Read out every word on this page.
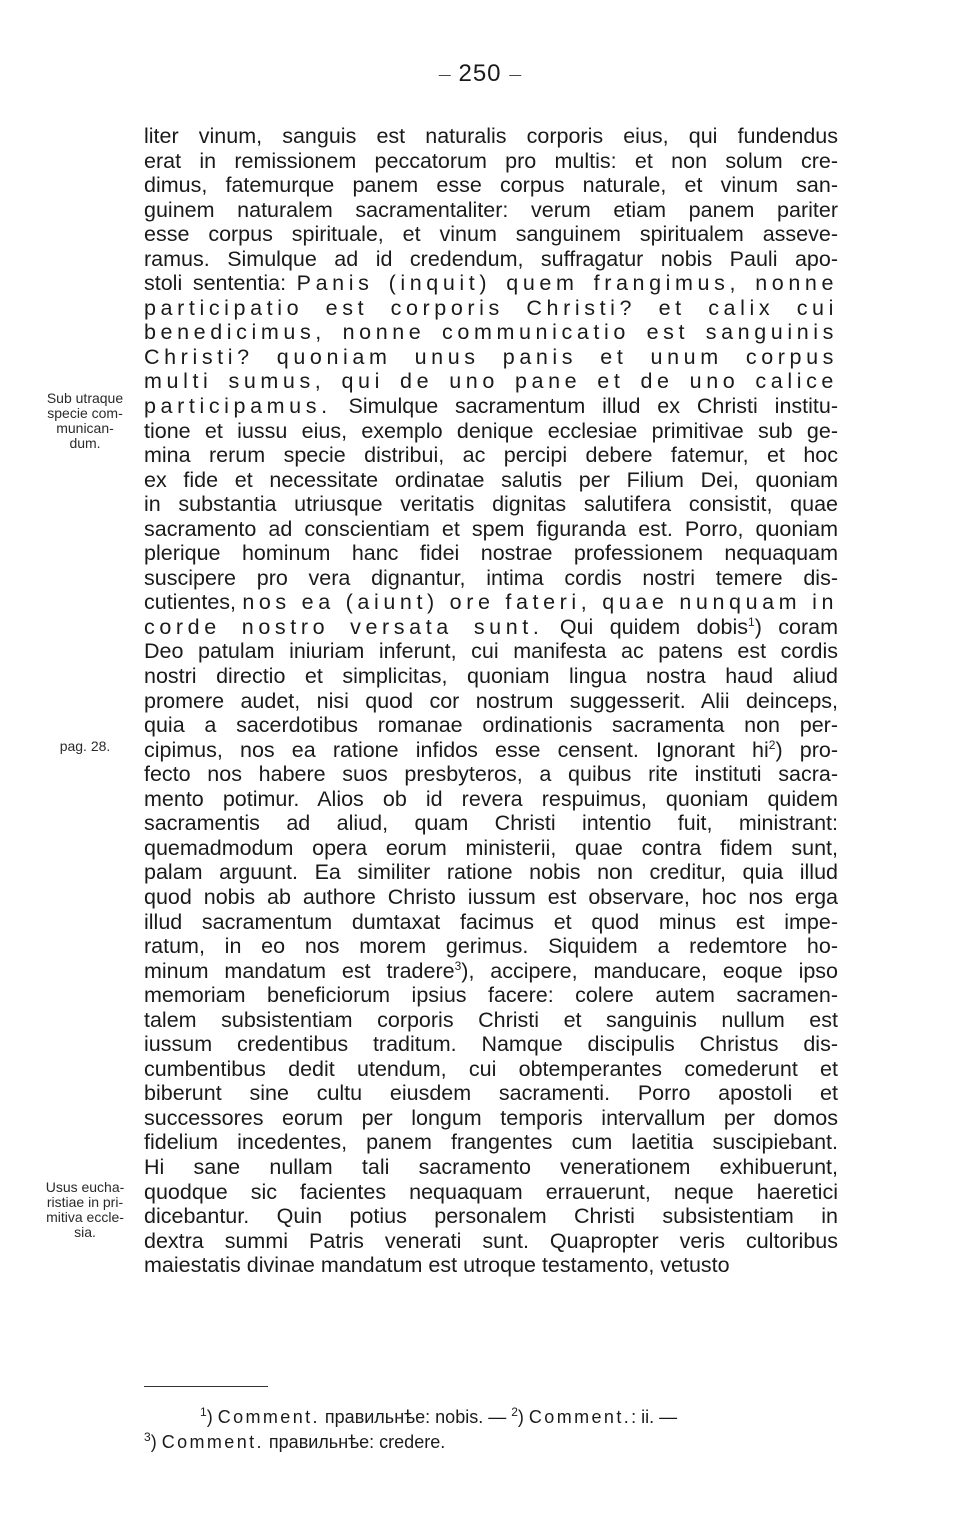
— 250 —
liter vinum, sanguis est naturalis corporis eius, qui fundendus
erat in remissionem peccatorum pro multis: et non solum cre-
dimus, fatemurque panem esse corpus naturale, et vinum san-
guinem naturalem sacramentaliter: verum etiam panem pariter
esse corpus spirituale, et vinum sanguinem spiritualem asseve-
ramus. Simulque ad id credendum, suffragatur nobis Pauli apo-
stoli sententia: Panis (inquit) quem frangimus, nonne
participatio est corporis Christi? et calix cui
benedicimus, nonne communicatio est sanguinis
Christi? quoniam unus panis et unum corpus
multi sumus, qui de uno pane et de uno calice
participamus. Simulque sacramentum illud ex Christi institu-
tione et iussu eius, exemplo denique ecclesiae primitivae sub ge-
mina rerum specie distribui, ac percipi debere fatemur, et hoc
ex fide et necessitate ordinatae salutis per Filium Dei, quoniam
in substantia utriusque veritatis dignitas salutifera consistit, quae
sacramento ad conscientiam et spem figuranda est. Porro, quoniam
plerique hominum hanc fidei nostrae professionem nequaquam
suscipere pro vera dignantur, intima cordis nostri temere dis-
cutientes, nos ea (aiunt) ore fateri, quae nunquam in
corde nostro versata sunt. Qui quidem dobis$^1$) coram
Deo patulam iniuriam inferunt, cui manifesta ac patens est cordis
nostri directio et simplicitas, quoniam lingua nostra haud aliud
promere audet, nisi quod cor nostrum suggesserit. Alii deinceps,
quia a sacerdotibus romanae ordinationis sacramenta non per-
cipimus, nos ea ratione infidos esse censent. Ignorant $hi^2$) pro-
fecto nos habere suos presbyteros, a quibus rite instituti sacra-
mento potimur. Alios ob id revera respuimus, quoniam quidem
sacramentis ad aliud, quam Christi intentio fuit, ministrant:
quemadmodum opera eorum ministerii, quae contra fidem sunt,
palam arguunt. Ea similiter ratione nobis non creditur, quia illud
quod nobis ab authore Christo iussum est observare, hoc nos erga
illud sacramentum dumtaxat facimus et quod minus est impe-
ratum, in eo nos morem gerimus. Siquidem a redemtore ho-
minum mandatum est tradere$^3$), accipere, manducare, eoque ipso
memoriam beneficiorum ipsius facere: colere autem sacramen-
talem subsistentiam corporis Christi et sanguinis nullum est
iussum credentibus traditum. Namque discipulis Christus dis-
cumbentibus dedit utendum, cui obtemperantes comederunt et
biberunt sine cultu eiusdem sacramenti. Porro apostoli et
successores eorum per longum temporis intervallum per domos
fidelium incedentes, panem frangentes cum laetitia suscipiebant.
Hi sane nullam tali sacramento venerationem exhibuerunt,
quodque sic facientes nequaquam errauerunt, neque haeretici
dicebantur. Quin potius personalem Christi subsistentiam in
dextra summi Patris venerati sunt. Quapropter veris cultoribus
maiestatis divinae mandatum est utroque testamento, vetusto
Sub utraque
specie com-
munican-
dum.
pag. 28.
Usus eucha-
ristiae in pri-
mitiva eccle-
sia.
$^1$) Comment. правильнѣе: nobis. — $^2$) Comment.: ii. —
$^3$) Comment. правильнѣе: credere.
